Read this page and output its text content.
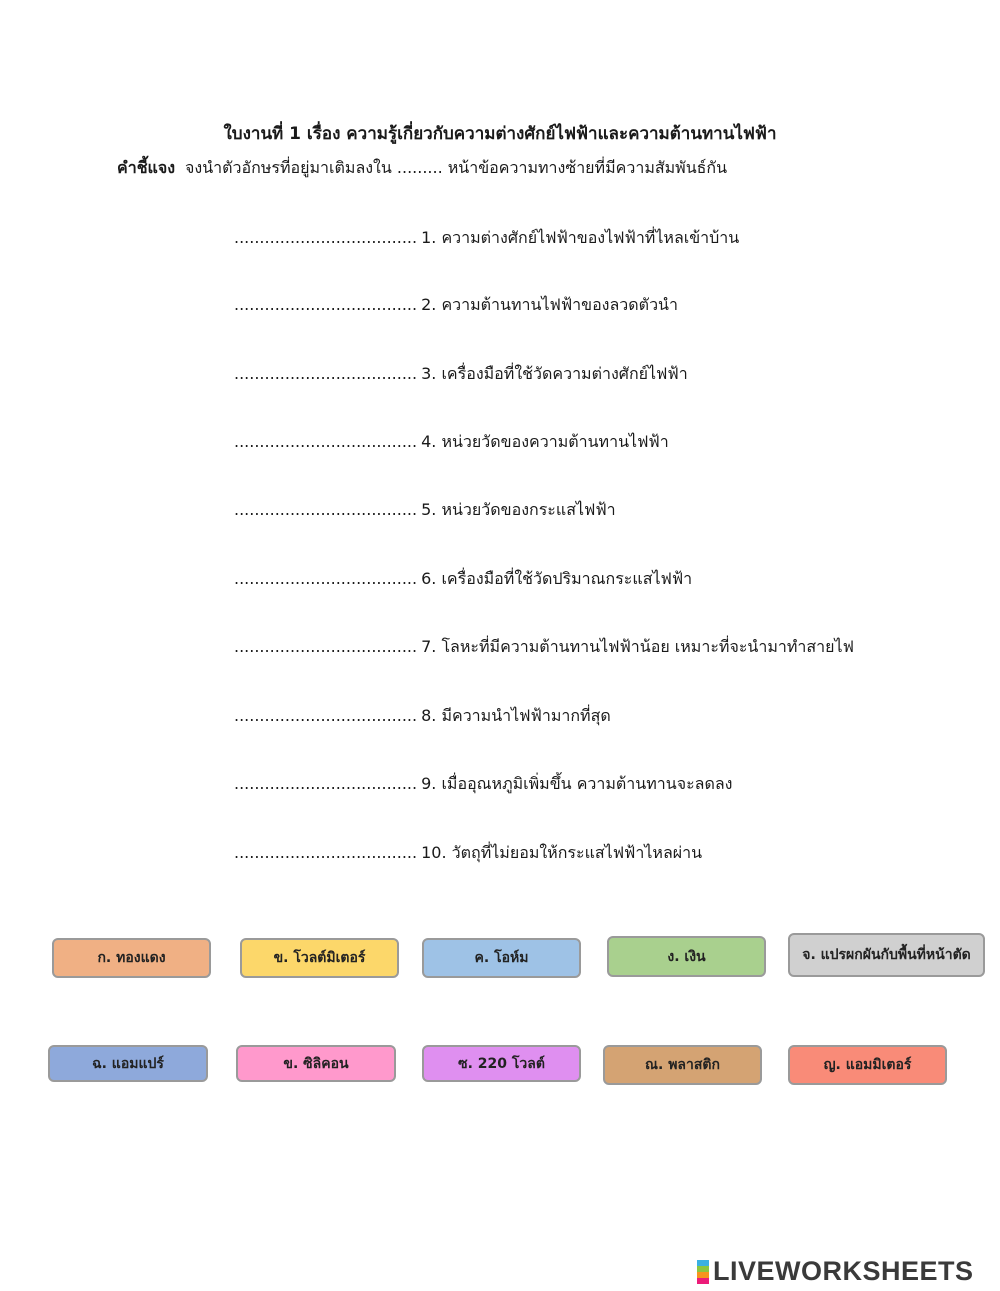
ใบงานที่ 1 เรื่อง ความรู้เกี่ยวกับความต่างศักย์ไฟฟ้าและความต้านทานไฟฟ้า
คำชี้แจง จงนำตัวอักษรที่อยู่มาเติมลงใน ......... หน้าข้อความทางซ้ายที่มีความสัมพันธ์กัน
.................................... 1. ความต่างศักย์ไฟฟ้าของไฟฟ้าที่ไหลเข้าบ้าน
.................................... 2. ความต้านทานไฟฟ้าของลวดตัวนำ
.................................... 3. เครื่องมือที่ใช้วัดความต่างศักย์ไฟฟ้า
.................................... 4. หน่วยวัดของความต้านทานไฟฟ้า
.................................... 5. หน่วยวัดของกระแสไฟฟ้า
.................................... 6. เครื่องมือที่ใช้วัดปริมาณกระแสไฟฟ้า
.................................... 7. โลหะที่มีความต้านทานไฟฟ้าน้อย เหมาะที่จะนำมาทำสายไฟ
.................................... 8. มีความนำไฟฟ้ามากที่สุด
.................................... 9. เมื่ออุณหภูมิเพิ่มขึ้น ความต้านทานจะลดลง
.................................... 10. วัตถุที่ไม่ยอมให้กระแสไฟฟ้าไหลผ่าน
ก. ทองแดง	ข. โวลต์มิเตอร์	ค. โอห์ม	ง. เงิน	จ. แปรผกผันกับพื้นที่หน้าตัด
ฉ. แอมแปร์	ข. ซิลิคอน	ซ. 220 โวลต์	ณ. พลาสติก	ญ. แอมมิเตอร์
LIVEWORKSHEETS
